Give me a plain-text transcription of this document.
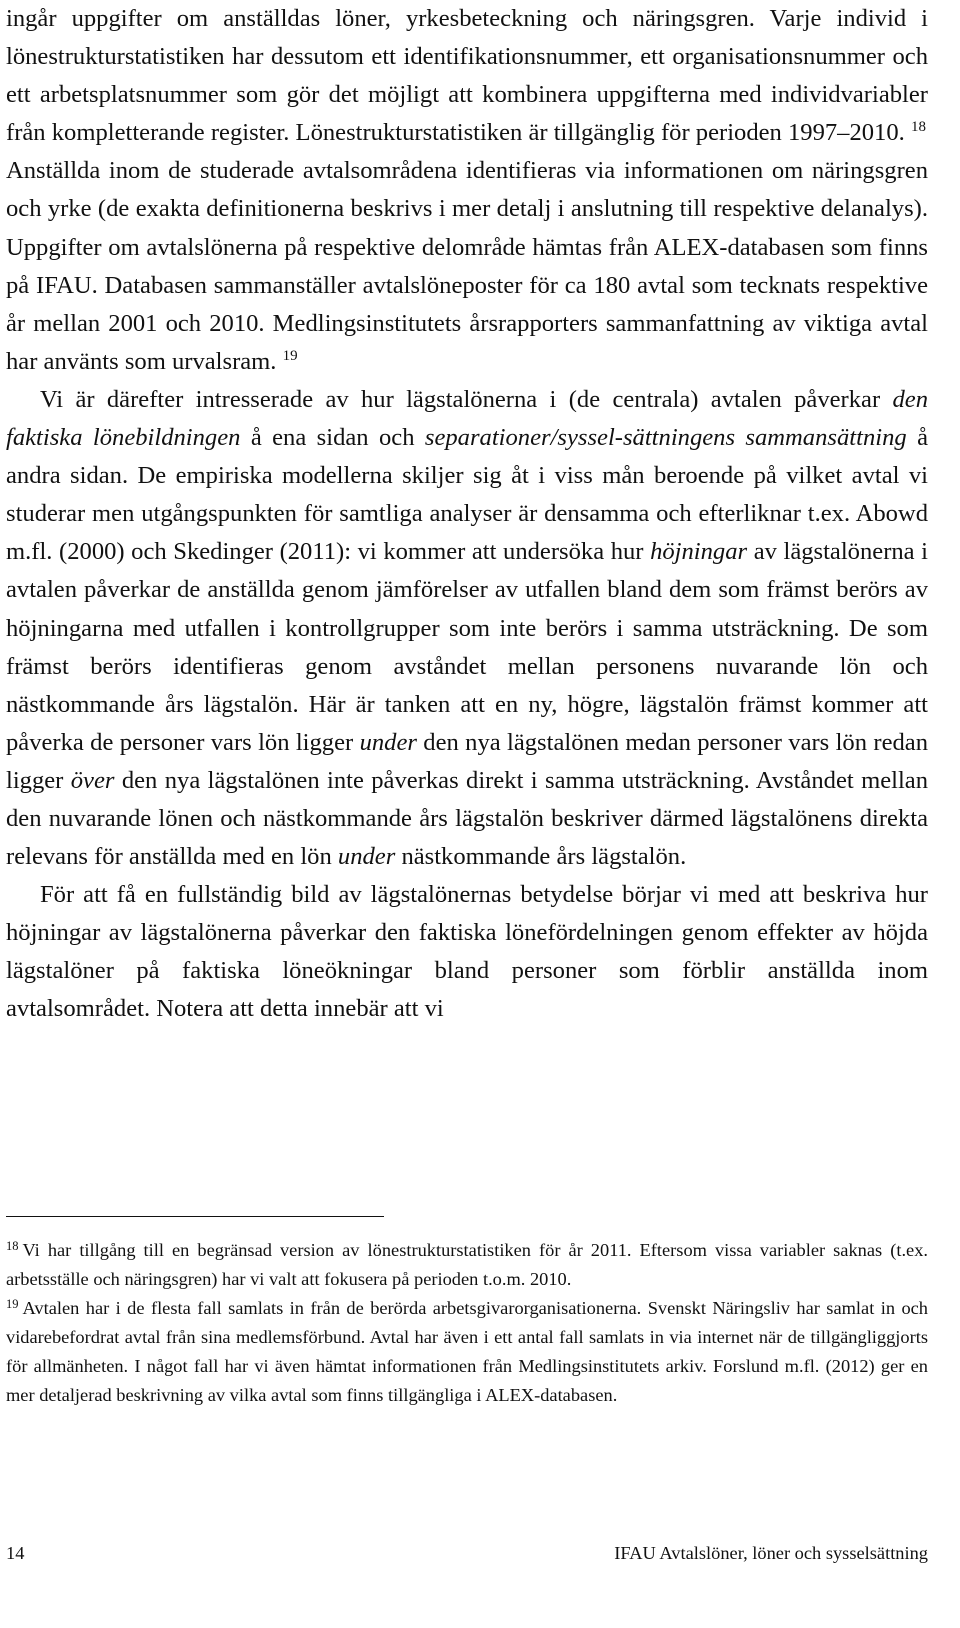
ingår uppgifter om anställdas löner, yrkesbeteckning och näringsgren. Varje individ i lönestrukturstatistiken har dessutom ett identifikationsnummer, ett organisationsnummer och ett arbetsplatsnummer som gör det möjligt att kombinera uppgifterna med individvariabler från kompletterande register. Lönestrukturstatistiken är tillgänglig för perioden 1997–2010. $^{18}$
Anställda inom de studerade avtalsområdena identifieras via informationen om näringsgren och yrke (de exakta definitionerna beskrivs i mer detalj i anslutning till respektive delanalys). Uppgifter om avtalslönerna på respektive delområde hämtas från ALEX-databasen som finns på IFAU. Databasen sammanställer avtalslöneposter för ca 180 avtal som tecknats respektive år mellan 2001 och 2010. Medlingsinstitutets årsrapporters sammanfattning av viktiga avtal har använts som urvalsram. $^{19}$

Vi är därefter intresserade av hur lägstalönerna i (de centrala) avtalen påverkar den faktiska lönebildningen å ena sidan och separationer/syssel-sättningens sammansättning å andra sidan. De empiriska modellerna skiljer sig åt i viss mån beroende på vilket avtal vi studerar men utgångspunkten för samtliga analyser är densamma och efterliknar t.ex. Abowd m.fl. (2000) och Skedinger (2011): vi kommer att undersöka hur höjningar av lägstalönerna i avtalen påverkar de anställda genom jämförelser av utfallen bland dem som främst berörs av höjningarna med utfallen i kontrollgrupper som inte berörs i samma utsträckning. De som främst berörs identifieras genom avståndet mellan personens nuvarande lön och nästkommande års lägstalön. Här är tanken att en ny, högre, lägstalön främst kommer att påverka de personer vars lön ligger under den nya lägstalönen medan personer vars lön redan ligger över den nya lägstalönen inte påverkas direkt i samma utsträckning. Avståndet mellan den nuvarande lönen och nästkommande års lägstalön beskriver därmed lägstalönens direkta relevans för anställda med en lön under nästkommande års lägstalön.

För att få en fullständig bild av lägstalönernas betydelse börjar vi med att beskriva hur höjningar av lägstalönerna påverkar den faktiska lönefördelningen genom effekter av höjda lägstalöner på faktiska löneökningar bland personer som förblir anställda inom avtalsområdet. Notera att detta innebär att vi

$^{18}$ Vi har tillgång till en begränsad version av lönestrukturstatistiken för år 2011. Eftersom vissa variabler saknas (t.ex. arbetsställe och näringsgren) har vi valt att fokusera på perioden t.o.m. 2010.

$^{19}$ Avtalen har i de flesta fall samlats in från de berörda arbetsgivarorganisationerna. Svenskt Näringsliv har samlat in och vidarebefordrat avtal från sina medlemsförbund. Avtal har även i ett antal fall samlats in via internet när de tillgängliggjorts för allmänheten. I något fall har vi även hämtat informationen från Medlingsinstitutets arkiv. Forslund m.fl. (2012) ger en mer detaljerad beskrivning av vilka avtal som finns tillgängliga i ALEX-databasen.

14	IFAU Avtalslöner, löner och sysselsättning
